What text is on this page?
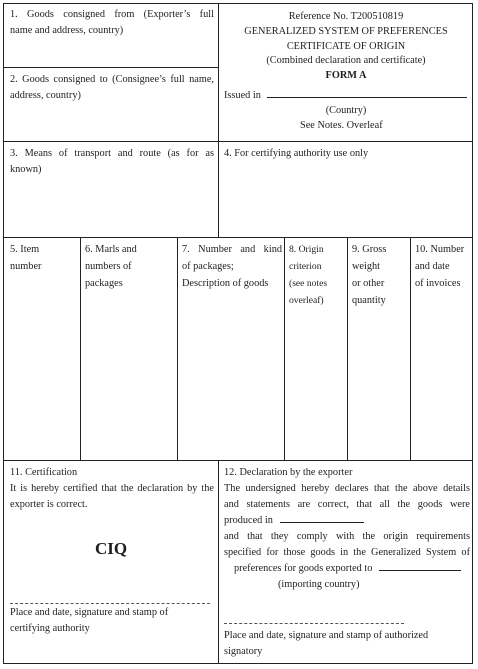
1. Goods consigned from (Exporter’s full
name and address, country)
2. Goods consigned to (Consignee’s full name,
address, country)
Reference No. T200510819
GENERALIZED SYSTEM OF PREFERENCES
CERTIFICATE OF ORIGIN
(Combined declaration and certificate)
FORM A
Issued in
(Country)
See Notes. Overleaf
3. Means of transport and route (as for as
known)
4. For certifying authority use only
5. Item
number
6. Marls and
numbers of
packages
7. Number and kind
of packages;
Description of goods
8. Origin
criterion
(see notes
overleaf)
9. Gross
weight
or other
quantity
10. Number
and date
of invoices
11. Certification
It is hereby certified that the declaration by the
exporter is correct.
CIQ
Place and date, signature and stamp of
certifying authority
12. Declaration by the exporter
The undersigned hereby declares that the above details
and statements are correct, that all the goods were
produced in
and that they comply with the origin requirements
specified for those goods in the Generalized System of
preferences for goods exported to
(importing country)
Place and date, signature and stamp of authorized
signatory
